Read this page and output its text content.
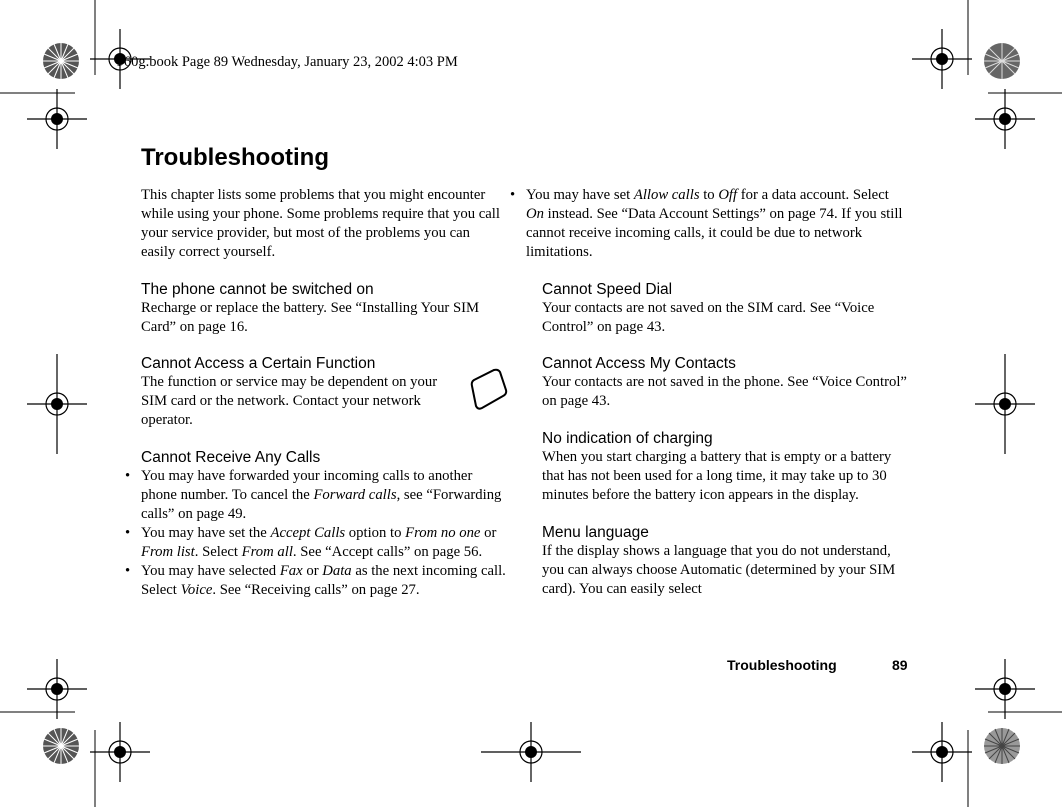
T60g.book Page 89 Wednesday, January 23, 2002 4:03 PM
Troubleshooting

This chapter lists some problems that you might encounter while using your phone. Some problems require that you call your service provider, but most of the problems you can easily correct yourself.

The phone cannot be switched on

Recharge or replace the battery. See “Installing Your SIM Card” on page 16.

Cannot Access a Certain Function

The function or service may be dependent on your SIM card or the network. Contact your network operator.

Cannot Receive Any Calls
• You may have forwarded your incoming calls to another phone number. To cancel the Forward calls, see “Forwarding calls” on page 49.
• You may have set the Accept Calls option to From no one or From list. Select From all. See “Accept calls” on page 56.
• You may have selected Fax or Data as the next incoming call. Select Voice. See “Receiving calls” on page 27.
• You may have set Allow calls to Off for a data account. Select On instead. See “Data Account Settings” on page 74. If you still cannot receive incoming calls, it could be due to network limitations.
Cannot Speed Dial

Your contacts are not saved on the SIM card. See “Voice Control” on page 43.

Cannot Access My Contacts

Your contacts are not saved in the phone. See “Voice Control” on page 43.

No indication of charging

When you start charging a battery that is empty or a battery that has not been used for a long time, it may take up to 30 minutes before the battery icon appears in the display.

Menu language

If the display shows a language that you do not understand, you can always choose Automatic (determined by your SIM card). You can easily select

Troubleshooting	89
